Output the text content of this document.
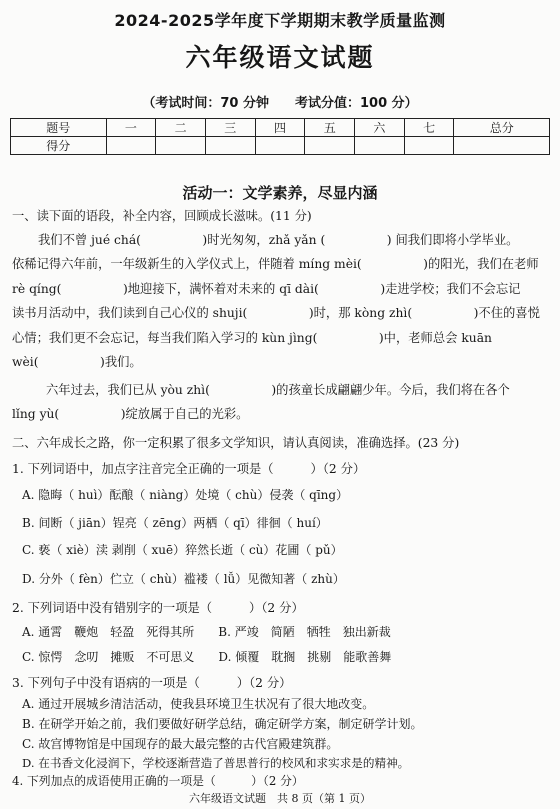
2024-2025学年度下学期期末教学质量监测
六年级语文试题
（考试时间：70 分钟　　考试分值：100 分）
题号	一	二	三	四	五	六	七	总分
得分								
活动一：文学素养，尽显内涵
一、读下面的语段，补全内容，回顾成长滋味。(11 分)
我们不曾 jué chá(　　　　　)时光匆匆，zhǎ yǎn (　　　　　) 间我们即将小学毕业。
依稀记得六年前，一年级新生的入学仪式上，伴随着 míng mèi(　　　　　)的阳光，我们在老师
rè qíng(　　　　　)地迎接下，满怀着对未来的 qī dài(　　　　　)走进学校；我们不会忘记
读书月活动中，我们读到自己心仪的 shuji(　　　　　)时，那 kòng zhì(　　　　　)不住的喜悦
心情；我们更不会忘记，每当我们陷入学习的 kùn jìng(　　　　　)中，老师总会 kuān
wèi(　　　　　)我们。
六年过去，我们已从 yòu zhì(　　　　　)的孩童长成翩翩少年。今后，我们将在各个
lǐng yù(　　　　　)绽放属于自己的光彩。
二、六年成长之路，你一定积累了很多文学知识，请认真阅读，准确选择。(23 分)
1. 下列词语中，加点字注音完全正确的一项是（　　　）（2 分）
A. 隐晦（ huì）酝酿（ niàng）处境（ chù）侵袭（ qīng）
B. 间断（ jiān）锃亮（ zēng）两栖（ qī）徘徊（ huí）
C. 亵（ xiè）渎 剥削（ xuē）猝然长逝（ cù）花圃（ pǔ）
D. 分外（ fèn）伫立（ chù）褴褛（ lǚ）见微知著（ zhù）
2. 下列词语中没有错别字的一项是（　　　）（2 分）
A. 通霄　鞭炮　轻盈　死得其所　　B. 严竣　简陋　牺牲　独出新裁
C. 惊愕　念叨　摊贩　不可思义　　D. 倾覆　耽搁　挑剔　能歌善舞
3. 下列句子中没有语病的一项是（　　　）（2 分）
A. 通过开展城乡清洁活动，使我县环境卫生状况有了很大地改变。
B. 在研学开始之前，我们要做好研学总结，确定研学方案，制定研学计划。
C. 故宫博物馆是中国现存的最大最完整的古代宫殿建筑群。
D. 在书香文化浸润下，学校逐渐营造了普思普行的校风和求实求是的精神。
六年级语文试题　共 8 页（第 1 页）
4. 下列加点的成语使用正确的一项是（　　　）（2 分）
